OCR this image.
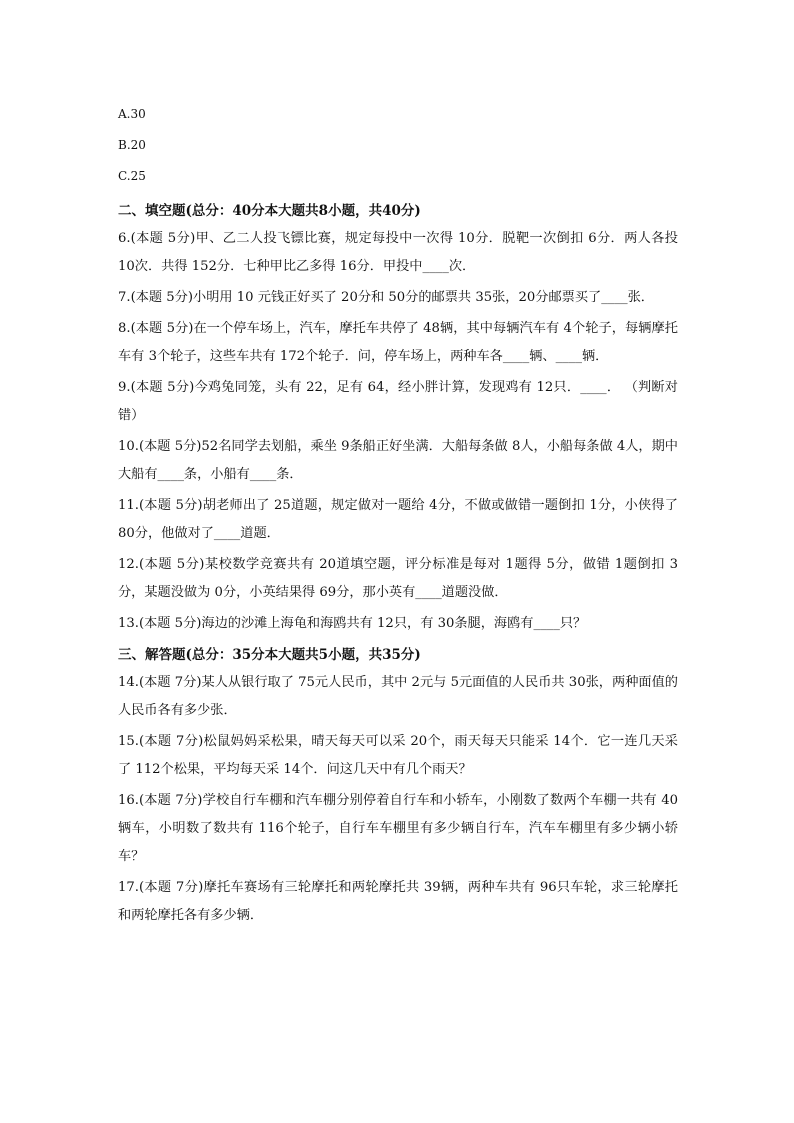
A.30
B.20
C.25
二、填空题(总分：40分本大题共8小题，共40分)
6.(本题 5分)甲、乙二人投飞镖比赛，规定每投中一次得 10分．脱靶一次倒扣 6分．两人各投 10次．共得 152分．七种甲比乙多得 16分．甲投中____次．
7.(本题 5分)小明用 10 元钱正好买了 20分和 50分的邮票共 35张，20分邮票买了____张．
8.(本题 5分)在一个停车场上，汽车，摩托车共停了 48辆，其中每辆汽车有 4个轮子，每辆摩托车有 3个轮子，这些车共有 172个轮子．问，停车场上，两种车各____辆、____辆．
9.(本题 5分)今鸡兔同笼，头有 22，足有 64，经小胖计算，发现鸡有 12只．____． （判断对错）
10.(本题 5分)52名同学去划船，乘坐 9条船正好坐满．大船每条做 8人，小船每条做 4人，期中大船有____条，小船有____条．
11.(本题 5分)胡老师出了 25道题，规定做对一题给 4分，不做或做错一题倒扣 1分，小侠得了 80分，他做对了____道题．
12.(本题 5分)某校数学竞赛共有 20道填空题，评分标准是每对 1题得 5分，做错 1题倒扣 3分，某题没做为 0分，小英结果得 69分，那小英有____道题没做．
13.(本题 5分)海边的沙滩上海龟和海鸥共有 12只，有 30条腿，海鸥有____只？
三、解答题(总分：35分本大题共5小题，共35分)
14.(本题 7分)某人从银行取了 75元人民币，其中 2元与 5元面值的人民币共 30张，两种面值的人民币各有多少张．
15.(本题 7分)松鼠妈妈采松果，晴天每天可以采 20个，雨天每天只能采 14个．它一连几天采了 112个松果，平均每天采 14个．问这几天中有几个雨天？
16.(本题 7分)学校自行车棚和汽车棚分别停着自行车和小轿车，小刚数了数两个车棚一共有 40辆车，小明数了数共有 116个轮子，自行车车棚里有多少辆自行车，汽车车棚里有多少辆小轿车？
17.(本题 7分)摩托车赛场有三轮摩托和两轮摩托共 39辆，两种车共有 96只车轮，求三轮摩托和两轮摩托各有多少辆．
